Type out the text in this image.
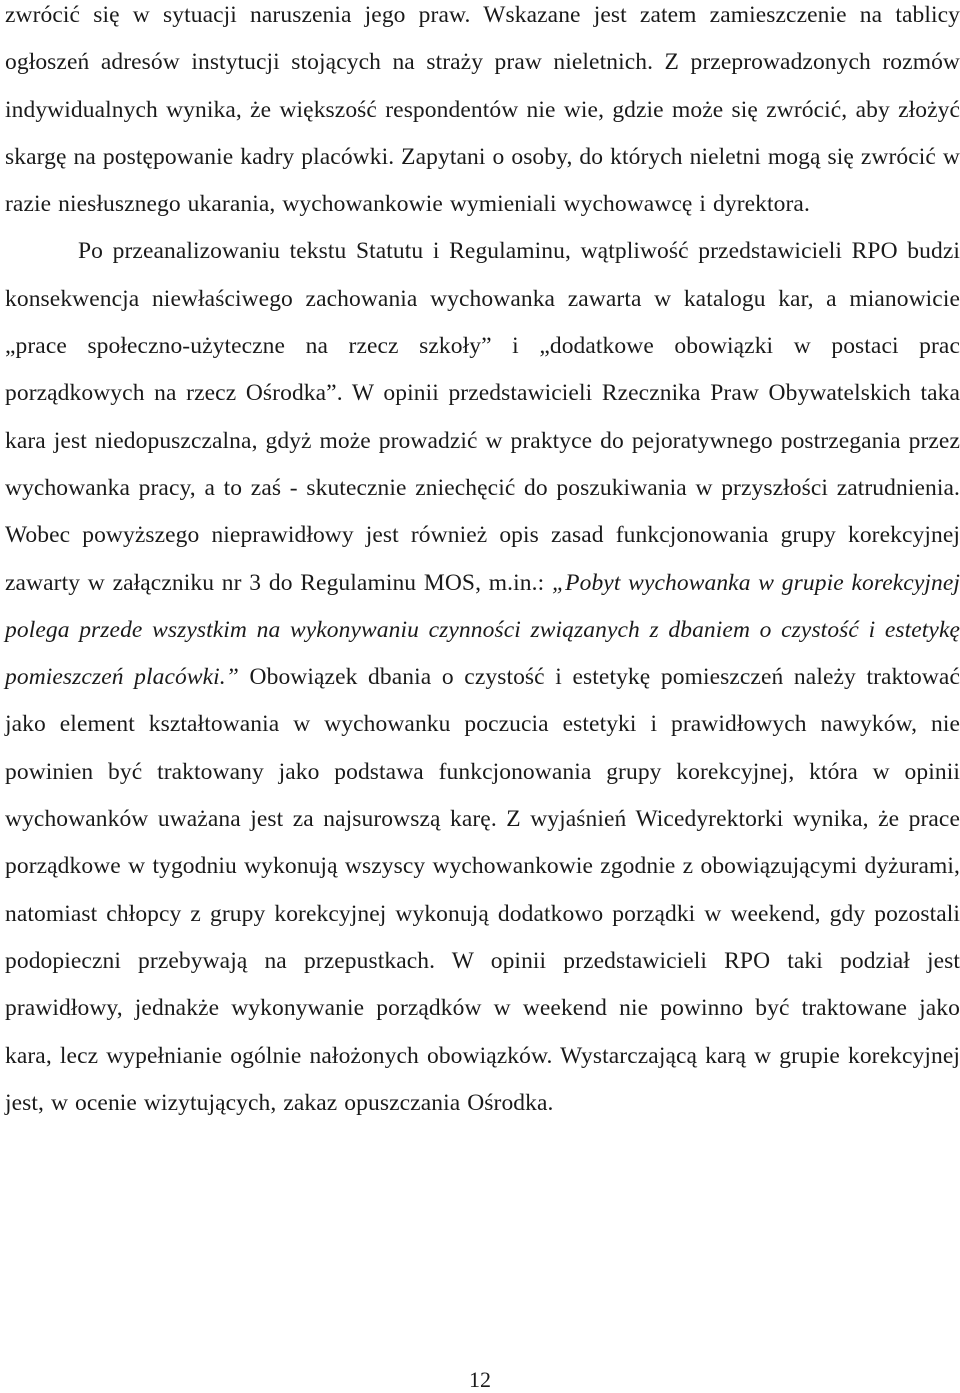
zwrócić się w sytuacji naruszenia jego praw. Wskazane jest zatem zamieszczenie na tablicy ogłoszeń adresów instytucji stojących na straży praw nieletnich. Z przeprowadzonych rozmów indywidualnych wynika, że większość respondentów nie wie, gdzie może się zwrócić, aby złożyć skargę na postępowanie kadry placówki. Zapytani o osoby, do których nieletni mogą się zwrócić w razie niesłusznego ukarania, wychowankowie wymieniali wychowawcę i dyrektora.

Po przeanalizowaniu tekstu Statutu i Regulaminu, wątpliwość przedstawicieli RPO budzi konsekwencja niewłaściwego zachowania wychowanka zawarta w katalogu kar, a mianowicie „prace społeczno-użyteczne na rzecz szkoły” i „dodatkowe obowiązki w postaci prac porządkowych na rzecz Ośrodka”. W opinii przedstawicieli Rzecznika Praw Obywatelskich taka kara jest niedopuszczalna, gdyż może prowadzić w praktyce do pejoratywnego postrzegania przez wychowanka pracy, a to zaś - skutecznie zniechęcić do poszukiwania w przyszłości zatrudnienia. Wobec powyższego nieprawidłowy jest również opis zasad funkcjonowania grupy korekcyjnej zawarty w załączniku nr 3 do Regulaminu MOS, m.in.: „Pobyt wychowanka w grupie korekcyjnej polega przede wszystkim na wykonywaniu czynności związanych z dbaniem o czystość i estetykę pomieszczeń placówki.” Obowiązek dbania o czystość i estetykę pomieszczeń należy traktować jako element kształtowania w wychowanku poczucia estetyki i prawidłowych nawyków, nie powinien być traktowany jako podstawa funkcjonowania grupy korekcyjnej, która w opinii wychowanków uważana jest za najsurowszą karę. Z wyjaśnień Wicedyrektorki wynika, że prace porządkowe w tygodniu wykonują wszyscy wychowankowie zgodnie z obowiązującymi dyżurami, natomiast chłopcy z grupy korekcyjnej wykonują dodatkowo porządki w weekend, gdy pozostali podopieczni przebywają na przepustkach. W opinii przedstawicieli RPO taki podział jest prawidłowy, jednakże wykonywanie porządków w weekend nie powinno być traktowane jako kara, lecz wypełnianie ogólnie nałożonych obowiązków. Wystarczającą karą w grupie korekcyjnej jest, w ocenie wizytujących, zakaz opuszczania Ośrodka.

12
